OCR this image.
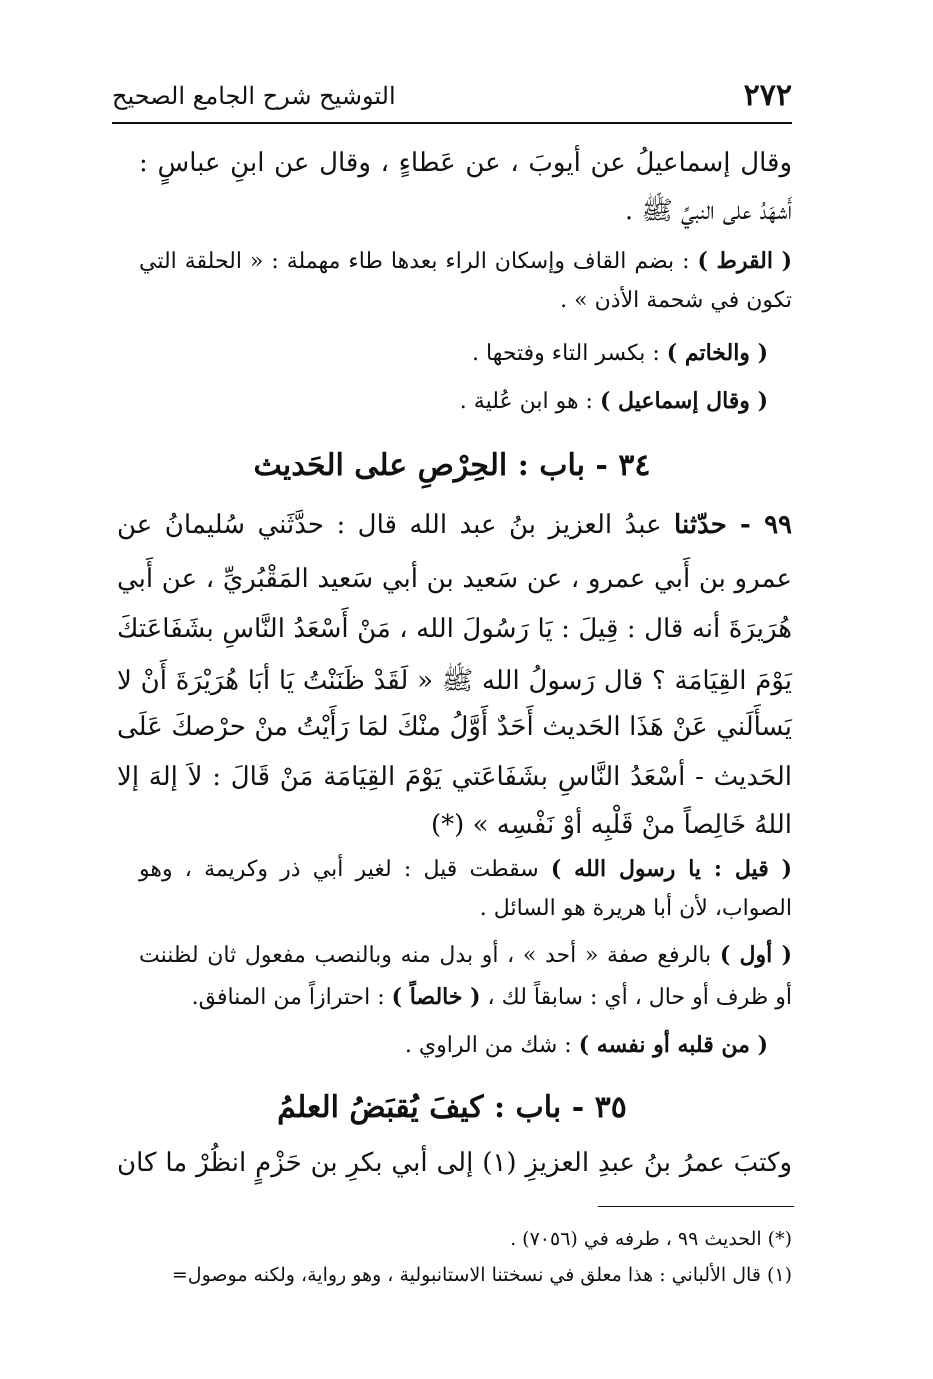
٢٧٢
التوشيح شرح الجامع الصحيح
وقال إسماعيلُ عن أيوبَ ، عن عَطاءٍ ، وقال عن ابنِ عباسٍ :
أَشهَدُ على النبيِّ ﷺ .
( القرط ) : بضم القاف وإسكان الراء بعدها طاء مهملة : « الحلقة التي
تكون في شحمة الأذن » .
( والخاتم ) : بكسر التاء وفتحها .
( وقال إسماعيل ) : هو ابن عُلية .
٣٤ - باب : الحِرْصِ على الحَديث
٩٩ - حدّثنا عبدُ العزيز بنُ عبد الله قال : حدَّثَني سُليمانُ عن
عمرو بن أَبي عمرو ، عن سَعيد بن أبي سَعيد المَقْبُريِّ ، عن أَبي
هُرَيرَةَ أنه قال : قِيلَ : يَا رَسُولَ الله ، مَنْ أَسْعَدُ النَّاسِ بشَفَاعَتكَ
يَوْمَ القِيَامَة ؟ قال رَسولُ الله ﷺ « لَقَدْ ظَنَنْتُ يَا أبَا هُرَيْرَةَ أَنْ لا
يَسأَلَني عَنْ هَذَا الحَديث أَحَدٌ أَوَّلُ منْكَ لمَا رَأَيْتُ منْ حرْصكَ عَلَى
الحَديث - أسْعَدُ النَّاسِ بشَفَاعَتي يَوْمَ القِيَامَة مَنْ قَالَ : لاَ إلهَ إلا
اللهُ خَالِصاً منْ قَلْبِه أوْ نَفْسِه » (*)
( قيل : يا رسول الله ) سقطت قيل : لغير أبي ذر وكريمة ، وهو
الصواب، لأن أبا هريرة هو السائل .
( أول ) بالرفع صفة « أحد » ، أو بدل منه وبالنصب مفعول ثان لظننت
أو ظرف أو حال ، أي : سابقاً لك ، ( خالصاً ) : احترازاً من المنافق.
( من قلبه أو نفسه ) : شك من الراوي .
٣٥ - باب : كيفَ يُقبَضُ العلمُ
وكتبَ عمرُ بنُ عبدِ العزيزِ (١) إلى أبي بكرِ بن حَزْمٍ انظُرْ ما كان
(*) الحديث ٩٩ ، طرفه في (٧٠٥٦) .
(١) قال الألباني : هذا معلق في نسختنا الاستانبولية ، وهو رواية، ولكنه موصول=
